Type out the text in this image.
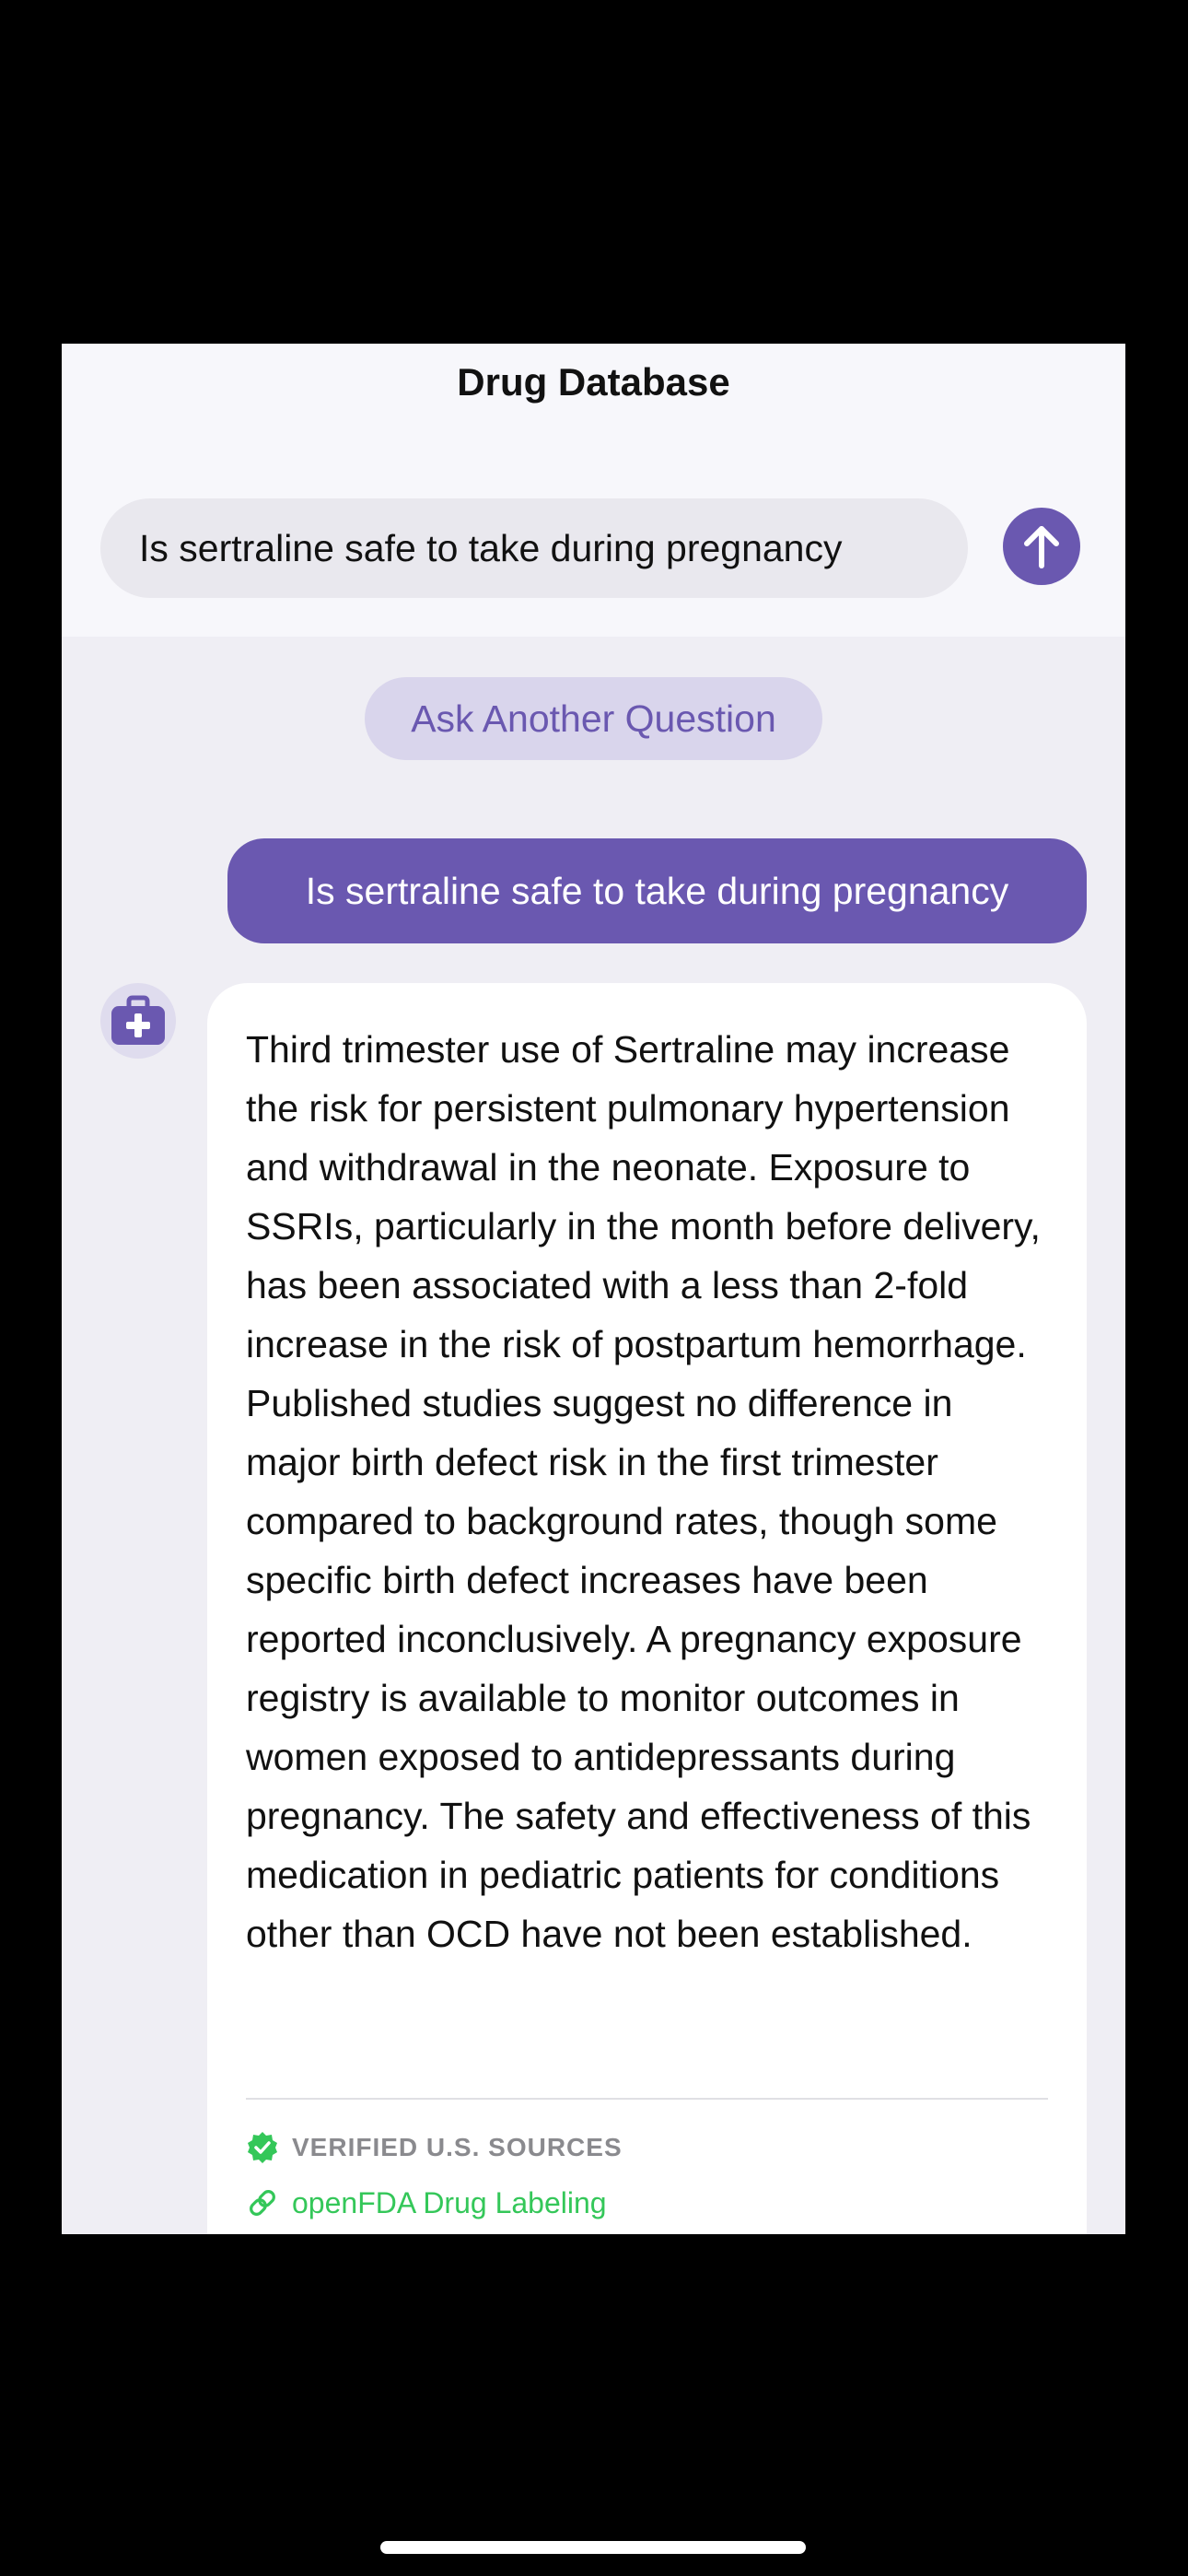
Drug Database
Is sertraline safe to take during pregnancy
Ask Another Question
Is sertraline safe to take during pregnancy
Third trimester use of Sertraline may increase the risk for persistent pulmonary hypertension and withdrawal in the neonate. Exposure to SSRIs, particularly in the month before delivery, has been associated with a less than 2-fold increase in the risk of postpartum hemorrhage. Published studies suggest no difference in major birth defect risk in the first trimester compared to background rates, though some specific birth defect increases have been reported inconclusively. A pregnancy exposure registry is available to monitor outcomes in women exposed to antidepressants during pregnancy. The safety and effectiveness of this medication in pediatric patients for conditions other than OCD have not been established.
VERIFIED U.S. SOURCES
openFDA Drug Labeling
